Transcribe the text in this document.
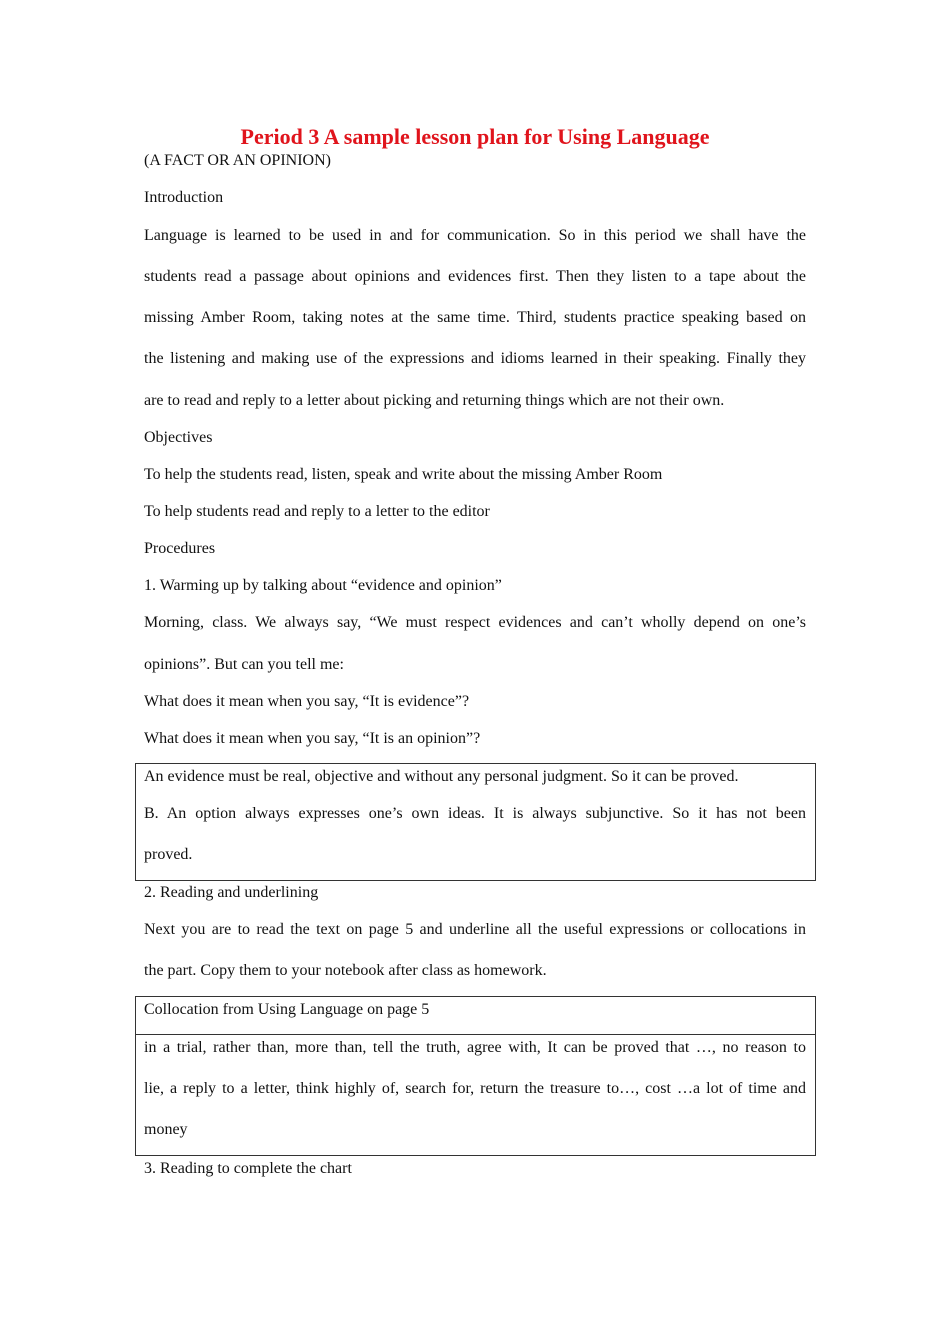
Period 3 A sample lesson plan for Using Language
(A FACT OR AN OPINION)
Introduction
Language is learned to be used in and for communication. So in this period we shall have the
students read a passage about opinions and evidences first. Then they listen to a tape about the
missing Amber Room, taking notes at the same time. Third, students practice speaking based on
the listening and making use of the expressions and idioms learned in their speaking. Finally they
are to read and reply to a letter about picking and returning things which are not their own.
Objectives
To help the students read, listen, speak and write about the missing Amber Room
To help students read and reply to a letter to the editor
Procedures
1. Warming up by talking about “evidence and opinion”
Morning, class. We always say, “We must respect evidences and can’t wholly depend on one’s
opinions”. But can you tell me:
What does it mean when you say, “It is evidence”?
What does it mean when you say, “It is an opinion”?
An evidence must be real, objective and without any personal judgment. So it can be proved.
B. An option always expresses one’s own ideas. It is always subjunctive. So it has not been
proved.
2. Reading and underlining
Next you are to read the text on page 5 and underline all the useful expressions or collocations in
the part. Copy them to your notebook after class as homework.
Collocation from Using Language on page 5
in a trial, rather than, more than, tell the truth, agree with, It can be proved that …, no reason to
lie, a reply to a letter, think highly of, search for, return the treasure to…, cost …a lot of time and
money
3. Reading to complete the chart
